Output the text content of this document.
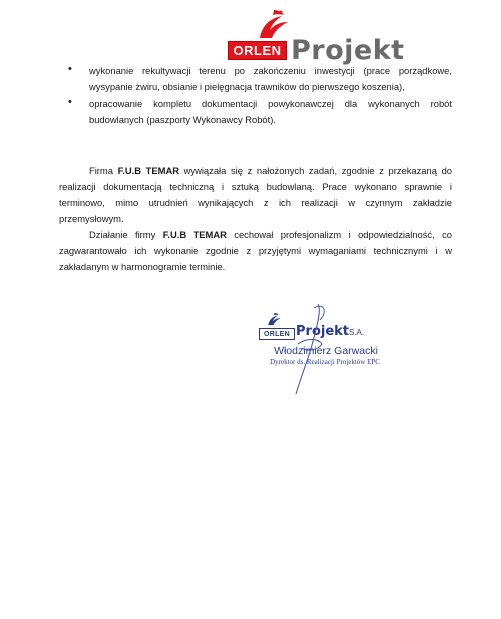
ORLEN Projekt
• wykonanie rekultywacji terenu po zakończeniu inwestycji (prace porządkowe,
wysypanie żwiru, obsianie i pielęgnacja trawników do pierwszego koszenia),
• opracowanie kompletu dokumentacji powykonawczej dla wykonanych robót
budowlanych (paszporty Wykonawcy Robót).
Firma F.U.B TEMAR wywiązała się z nałożonych zadań, zgodnie z przekazaną do
realizacji dokumentacją techniczną i sztuką budowlaną. Prace wykonano sprawnie i
terminowo, mimo utrudnień wynikających z ich realizacji w czynnym zakładzie
przemysłowym.
Działanie firmy F.U.B TEMAR cechował profesjonalizm i odpowiedzialność, co
zagwarantowało ich wykonanie zgodnie z przyjętymi wymaganiami technicznymi i w
zakładanym w harmonogramie terminie.
ORLEN Projekt S.A.
Włodzimierz Garwacki
Dyrektor ds. Realizacji Projektów EPC
